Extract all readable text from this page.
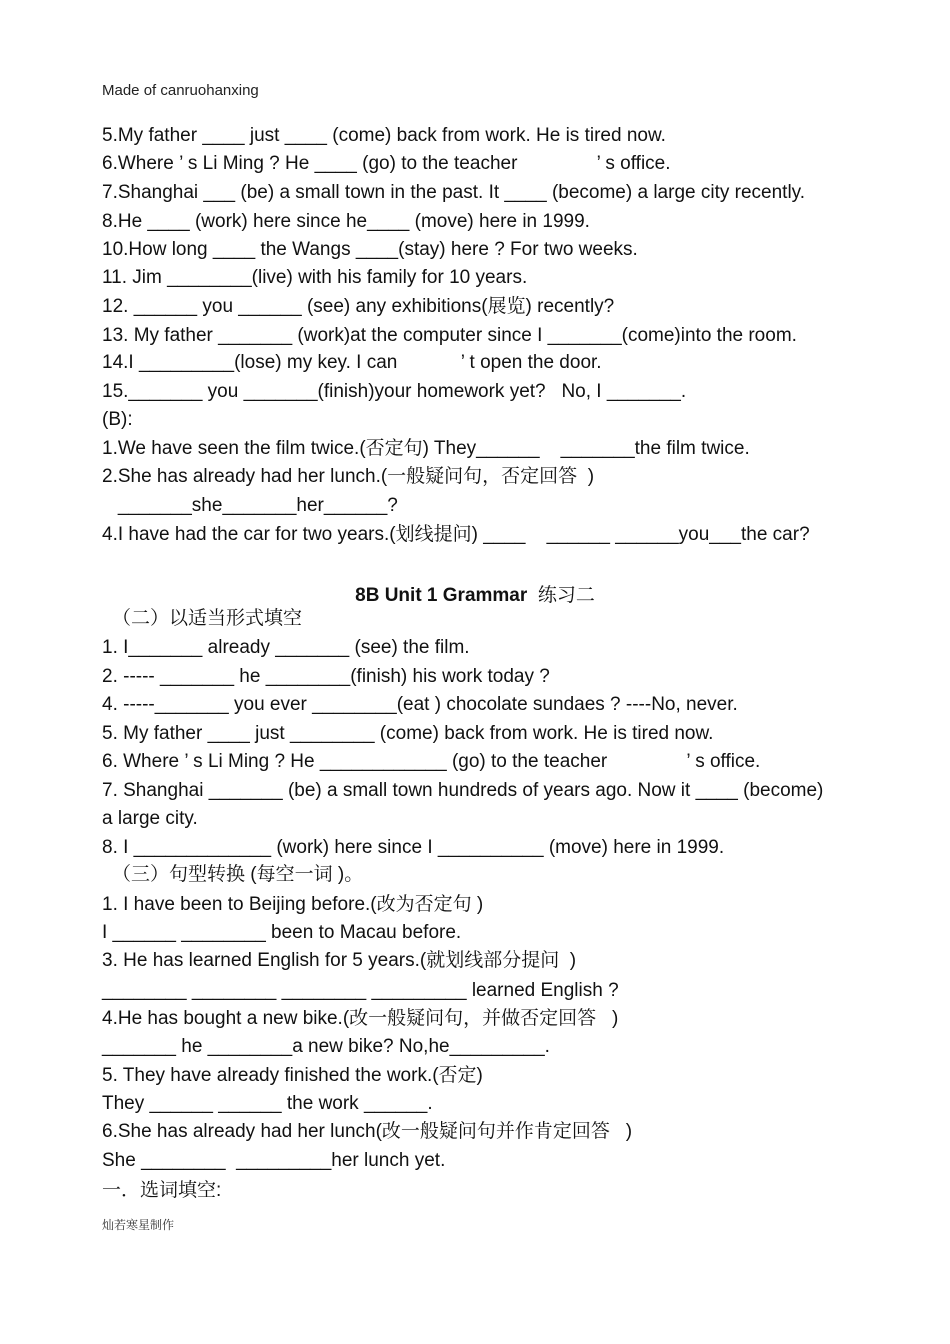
Made of canruohanxing
5.My father ____ just ____ (come) back from work. He is tired now.
6.Where ’ s Li Ming ? He ____ (go) to the teacher               ’ s office.
7.Shanghai ___ (be) a small town in the past. It ____ (become) a large city recently.
8.He ____ (work) here since he____ (move) here in 1999.
10.How long ____ the Wangs ____(stay) here ? For two weeks.
11. Jim ________(live) with his family for 10 years.
12. ______ you ______ (see) any exhibitions(展览) recently?
13. My father _______ (work)at the computer since I _______(come)into the room.
14.I _________(lose) my key. I can            ’ t open the door.
15._______ you _______(finish)your homework yet?   No, I _______.
(B):
1.We have seen the film twice.(否定句) They______    _______the film twice.
2.She has already had her lunch.(一般疑问句，否定回答  )
_______she_______her______?
4.I have had the car for two years.(划线提问) ____    ______ ______you___the car?
8B Unit 1 Grammar 练习二
（二）以适当形式填空
1. I_______ already _______ (see) the film.
2. ----- _______ he ________(finish) his work today ?
4. -----_______ you ever ________(eat ) chocolate sundaes ? ----No, never.
5. My father ____ just ________ (come) back from work. He is tired now.
6. Where ’ s Li Ming ? He ____________ (go) to the teacher               ’ s office.
7. Shanghai _______ (be) a small town hundreds of years ago. Now it ____ (become)
a large city.
8. I _____________ (work) here since I __________ (move) here in 1999.
（三）句型转换 (每空一词 )。
1. I have been to Beijing before.(改为否定句 )
I ______ ________ been to Macau before.
3. He has learned English for 5 years.(就划线部分提问  )
________ ________ ________ _________ learned English ?
4.He has bought a new bike.(改一般疑问句，并做否定回答   )
_______ he ________a new bike? No,he_________.
5. They have already finished the work.(否定)
They ______ ______ the work ______.
6.She has already had her lunch(改一般疑问句并作肯定回答   )
She ________  _________her lunch yet.
一．选词填空:
灿若寒星制作
